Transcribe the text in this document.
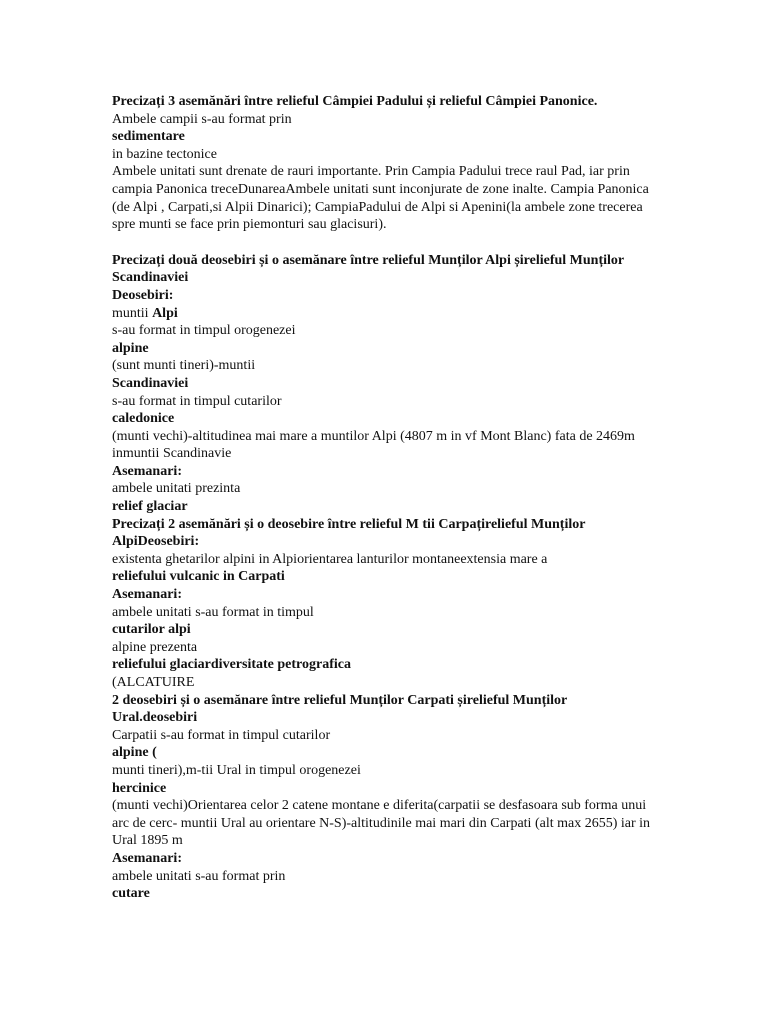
Precizați 3 asemănări între relieful Câmpiei Padului și relieful Câmpiei Panonice.
Ambele campii s-au format prin
sedimentare
in bazine tectonice
Ambele unitati sunt drenate de rauri importante. Prin Campia Padului trece raul Pad, iar prin campia Panonica treceDunareaAmbele unitati sunt inconjurate de zone inalte. Campia Panonica (de Alpi , Carpati,si Alpii Dinarici); CampiaPadului de Alpi si Apenini(la ambele zone trecerea spre munti se face prin piemonturi sau glacisuri).
Precizați două deosebiri și o asemănare între relieful Munților Alpi șirelieful Munților Scandinaviei
Deosebiri:
muntii Alpi
s-au format in timpul orogenezei
alpine
(sunt munti tineri)-muntii
Scandinaviei
s-au format in timpul cutarilor
caledonice
(munti vechi)-altitudinea mai mare a muntilor Alpi (4807 m in vf Mont Blanc) fata de 2469m inmuntii Scandinavie
Asemanari:
ambele unitati prezinta
relief glaciar
Precizați 2 asemănări și o deosebire între relieful M tii Carpațirelieful Munților AlpiDeosebiri:
existenta ghetarilor alpini in Alpiorientarea lanturilor montaneextensia mare a
reliefului vulcanic in Carpati
Asemanari:
ambele unitati s-au format in timpul
cutarilor alpi
alpine prezenta
reliefului glaciardiversitate petrografica
(ALCATUIRE
2 deosebiri și o asemănare între relieful Munților Carpati șirelieful Munților Ural.deosebiri
Carpatii s-au format in timpul cutarilor
alpine (
munti tineri),m-tii Ural in timpul orogenezei
hercinice
(munti vechi)Orientarea celor 2 catene montane e diferita(carpatii se desfasoara sub forma unui arc de cerc- muntii Ural au orientare N-S)-altitudinile mai mari din Carpati (alt max 2655) iar in Ural 1895 m
Asemanari:
ambele unitati s-au format prin
cutare
